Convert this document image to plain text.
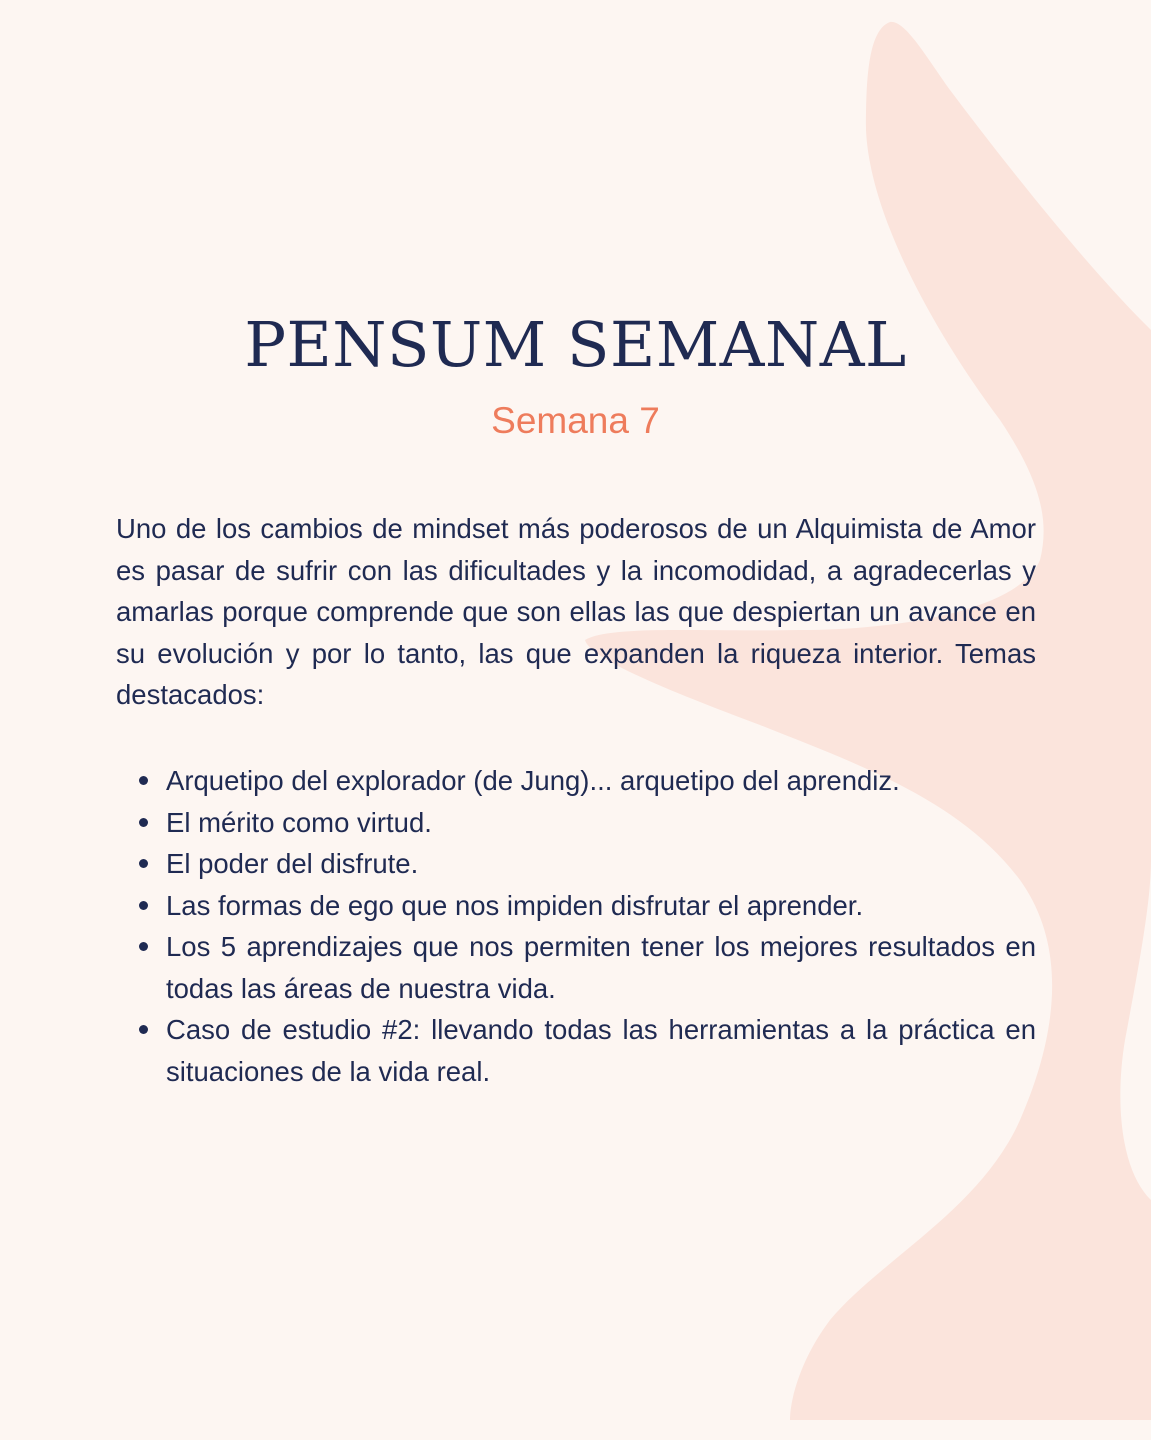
PENSUM SEMANAL
Semana 7

Uno de los cambios de mindset más poderosos de un Alquimista de Amor es pasar de sufrir con las dificultades y la incomodidad, a agradecerlas y amarlas porque comprende que son ellas las que despiertan un avance en su evolución y por lo tanto, las que expanden la riqueza interior. Temas destacados:

Arquetipo del explorador (de Jung)... arquetipo del aprendiz.
El mérito como virtud.
El poder del disfrute.
Las formas de ego que nos impiden disfrutar el aprender.
Los 5 aprendizajes que nos permiten tener los mejores resultados en todas las áreas de nuestra vida.
Caso de estudio #2: llevando todas las herramientas a la práctica en situaciones de la vida real.
